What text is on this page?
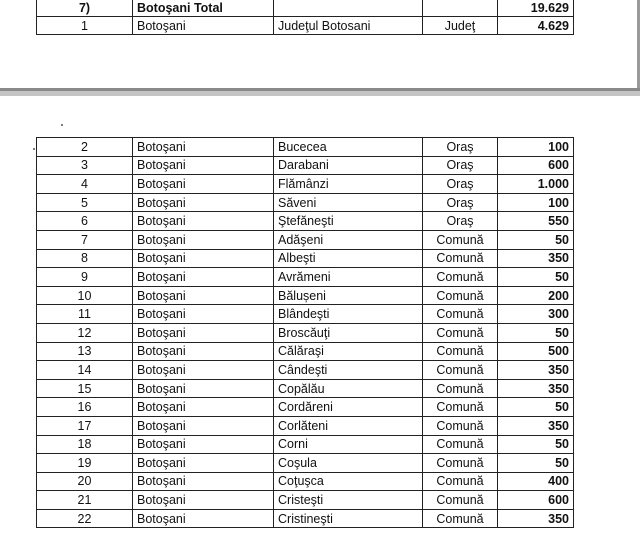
7)	Botoşani Total			19.629
1	Botoşani	Judeţul Botosani	Judeţ	4.629
2	Botoşani	Bucecea	Oraş	100
3	Botoşani	Darabani	Oraş	600
4	Botoşani	Flămânzi	Oraş	1.000
5	Botoşani	Săveni	Oraş	100
6	Botoşani	Ştefăneşti	Oraş	550
7	Botoşani	Adăşeni	Comună	50
8	Botoşani	Albeşti	Comună	350
9	Botoşani	Avrămeni	Comună	50
10	Botoşani	Bălușeni	Comună	200
11	Botoşani	Blândeşti	Comună	300
12	Botoşani	Broscăuţi	Comună	50
13	Botoşani	Călăraşi	Comună	500
14	Botoşani	Cândeşti	Comună	350
15	Botoşani	Copălău	Comună	350
16	Botoşani	Cordăreni	Comună	50
17	Botoşani	Corlăteni	Comună	350
18	Botoşani	Corni	Comună	50
19	Botoşani	Coşula	Comună	50
20	Botoşani	Coţuşca	Comună	400
21	Botoşani	Cristeşti	Comună	600
22	Botoşani	Cristineşti	Comună	350
